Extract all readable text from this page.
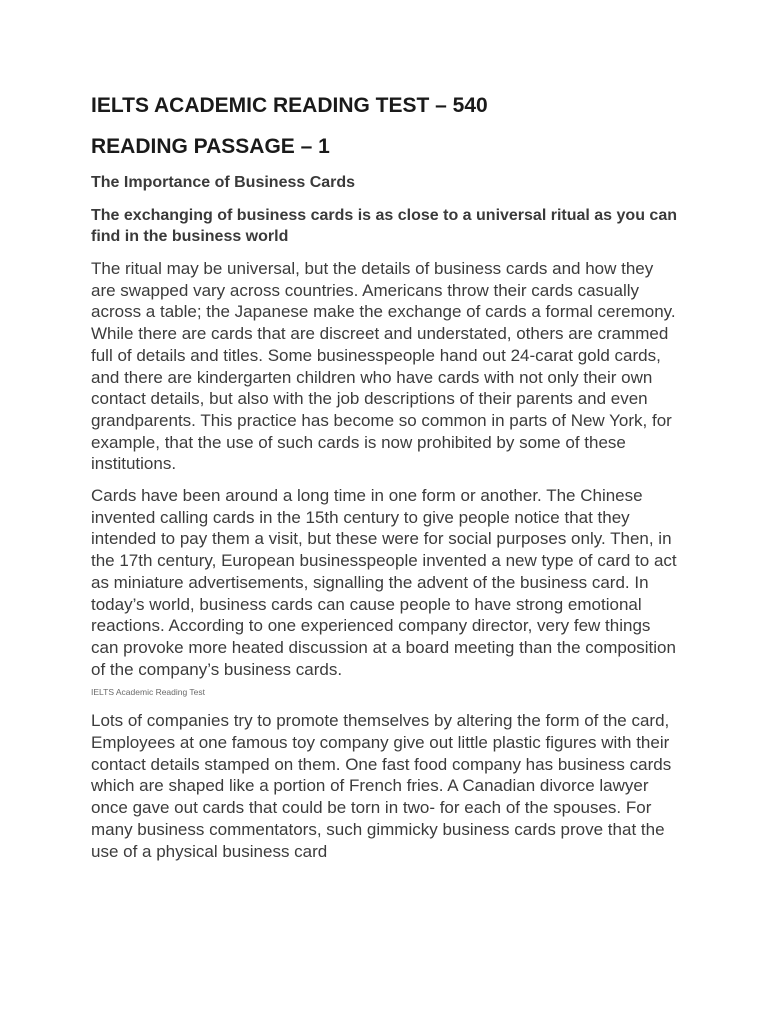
IELTS ACADEMIC READING TEST – 540
READING PASSAGE – 1
The Importance of Business Cards

The exchanging of business cards is as close to a universal ritual as you can find in the business world

The ritual may be universal, but the details of business cards and how they are swapped vary across countries. Americans throw their cards casually across a table; the Japanese make the exchange of cards a formal ceremony. While there are cards that are discreet and understated, others are crammed full of details and titles. Some businesspeople hand out 24-carat gold cards, and there are kindergarten children who have cards with not only their own contact details, but also with the job descriptions of their parents and even grandparents. This practice has become so common in parts of New York, for example, that the use of such cards is now prohibited by some of these institutions.

Cards have been around a long time in one form or another. The Chinese invented calling cards in the 15th century to give people notice that they intended to pay them a visit, but these were for social purposes only. Then, in the 17th century, European businesspeople invented a new type of card to act as miniature advertisements, signalling the advent of the business card. In today’s world, business cards can cause people to have strong emotional reactions. According to one experienced company director, very few things can provoke more heated discussion at a board meeting than the composition of the company’s business cards.

IELTS Academic Reading Test

Lots of companies try to promote themselves by altering the form of the card, Employees at one famous toy company give out little plastic figures with their contact details stamped on them. One fast food company has business cards which are shaped like a portion of French fries. A Canadian divorce lawyer once gave out cards that could be torn in two- for each of the spouses. For many business commentators, such gimmicky business cards prove that the use of a physical business card
